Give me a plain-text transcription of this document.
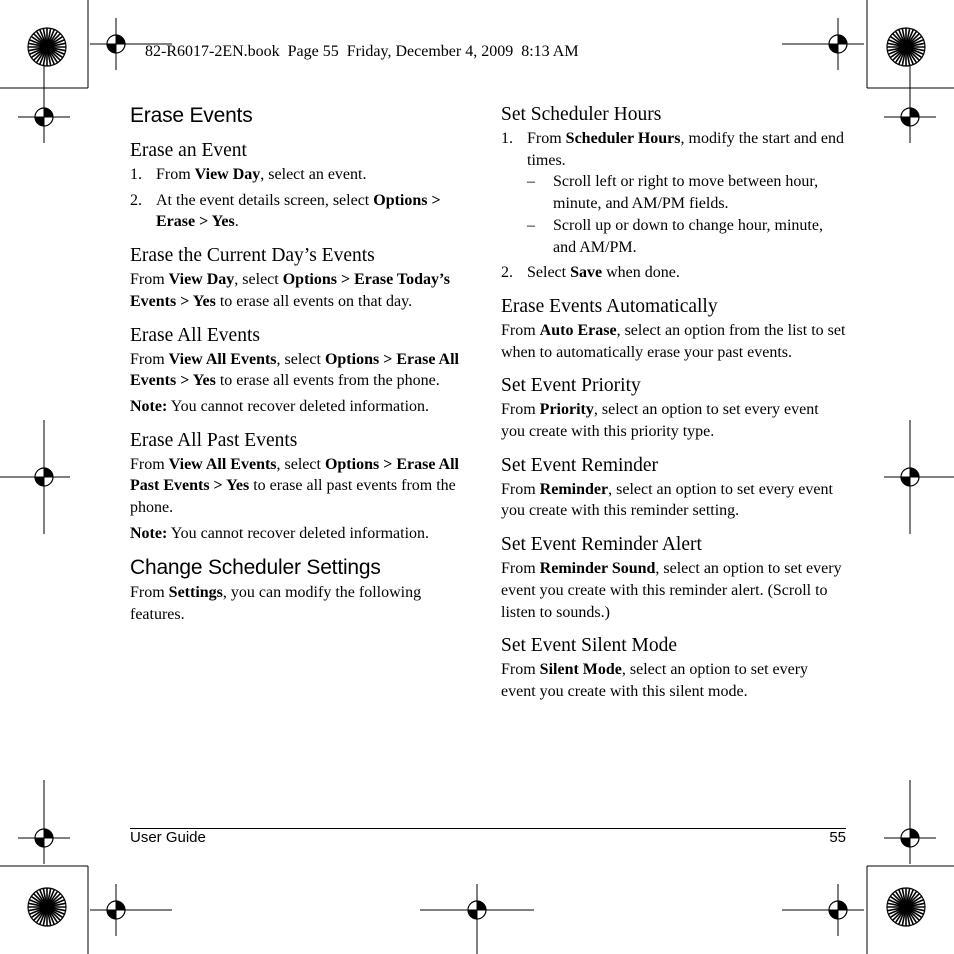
82-R6017-2EN.book  Page 55  Friday, December 4, 2009  8:13 AM
Erase Events
Erase an Event
1. From View Day, select an event.
2. At the event details screen, select Options > Erase > Yes.
Erase the Current Day’s Events

From View Day, select Options > Erase Today’s Events > Yes to erase all events on that day.

Erase All Events

From View All Events, select Options > Erase All Events > Yes to erase all events from the phone.

Note: You cannot recover deleted information.

Erase All Past Events

From View All Events, select Options > Erase All Past Events > Yes to erase all past events from the phone.

Note: You cannot recover deleted information.

Change Scheduler Settings

From Settings, you can modify the following features.

Set Scheduler Hours
1. From Scheduler Hours, modify the start and end times.
– Scroll left or right to move between hour, minute, and AM/PM fields.
– Scroll up or down to change hour, minute, and AM/PM.
2. Select Save when done.
Erase Events Automatically

From Auto Erase, select an option from the list to set when to automatically erase your past events.

Set Event Priority

From Priority, select an option to set every event you create with this priority type.

Set Event Reminder

From Reminder, select an option to set every event you create with this reminder setting.

Set Event Reminder Alert

From Reminder Sound, select an option to set every event you create with this reminder alert. (Scroll to listen to sounds.)

Set Event Silent Mode

From Silent Mode, select an option to set every event you create with this silent mode.

User Guide	55
